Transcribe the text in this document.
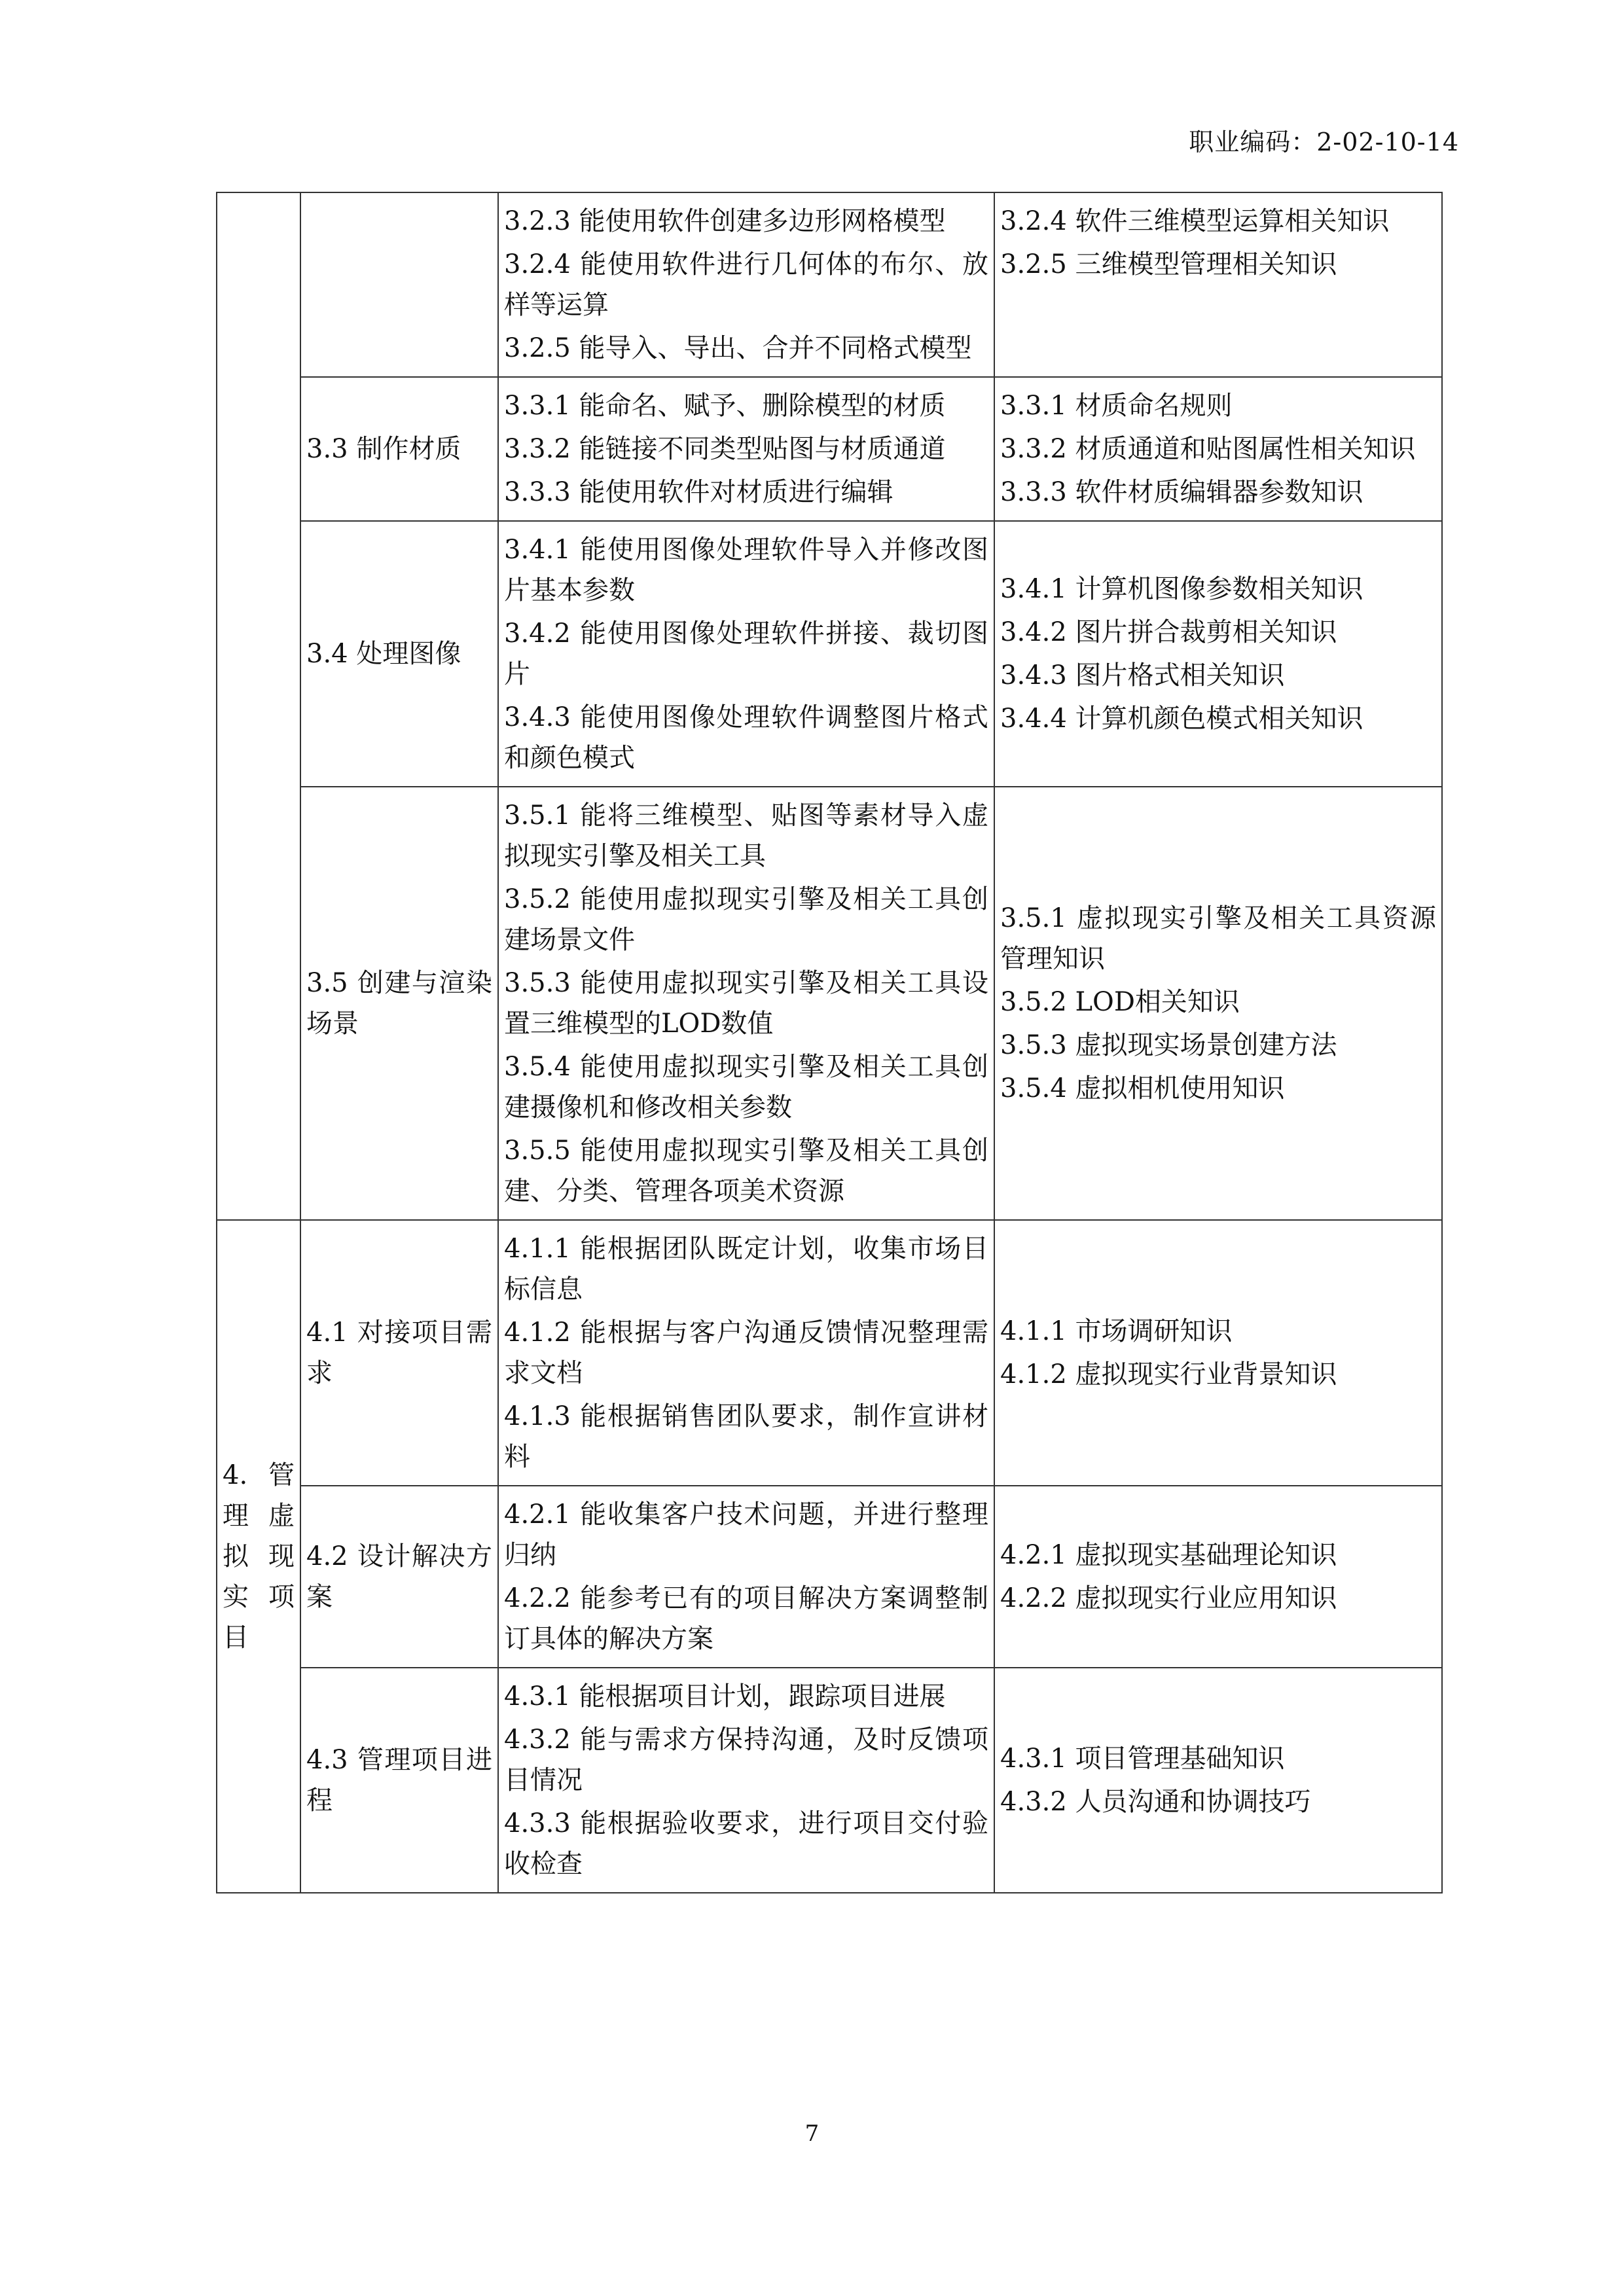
职业编码：2-02-10-14

		3.2.3 能使用软件创建多边形网格模型
3.2.4 能使用软件进行几何体的布尔、放样等运算
3.2.5 能导入、导出、合并不同格式模型	3.2.4 软件三维模型运算相关知识
3.2.5 三维模型管理相关知识

	3.3 制作材质	3.3.1 能命名、赋予、删除模型的材质
3.3.2 能链接不同类型贴图与材质通道
3.3.3 能使用软件对材质进行编辑	3.3.1 材质命名规则
3.3.2 材质通道和贴图属性相关知识
3.3.3 软件材质编辑器参数知识

	3.4 处理图像	3.4.1 能使用图像处理软件导入并修改图片基本参数
3.4.2 能使用图像处理软件拼接、裁切图片
3.4.3 能使用图像处理软件调整图片格式和颜色模式	3.4.1 计算机图像参数相关知识
3.4.2 图片拼合裁剪相关知识
3.4.3 图片格式相关知识
3.4.4 计算机颜色模式相关知识

	3.5 创建与渲染场景	3.5.1 能将三维模型、贴图等素材导入虚拟现实引擎及相关工具
3.5.2 能使用虚拟现实引擎及相关工具创建场景文件
3.5.3 能使用虚拟现实引擎及相关工具设置三维模型的LOD数值
3.5.4 能使用虚拟现实引擎及相关工具创建摄像机和修改相关参数
3.5.5 能使用虚拟现实引擎及相关工具创建、分类、管理各项美术资源	3.5.1 虚拟现实引擎及相关工具资源管理知识
3.5.2 LOD相关知识
3.5.3 虚拟现实场景创建方法
3.5.4 虚拟相机使用知识

4. 管理虚拟现实项目	4.1 对接项目需求	4.1.1 能根据团队既定计划，收集市场目标信息
4.1.2 能根据与客户沟通反馈情况整理需求文档
4.1.3 能根据销售团队要求，制作宣讲材料	4.1.1 市场调研知识
4.1.2 虚拟现实行业背景知识

	4.2 设计解决方案	4.2.1 能收集客户技术问题，并进行整理归纳
4.2.2 能参考已有的项目解决方案调整制订具体的解决方案	4.2.1 虚拟现实基础理论知识
4.2.2 虚拟现实行业应用知识

	4.3 管理项目进程	4.3.1 能根据项目计划，跟踪项目进展
4.3.2 能与需求方保持沟通，及时反馈项目情况
4.3.3 能根据验收要求，进行项目交付验收检查	4.3.1 项目管理基础知识
4.3.2 人员沟通和协调技巧
7
